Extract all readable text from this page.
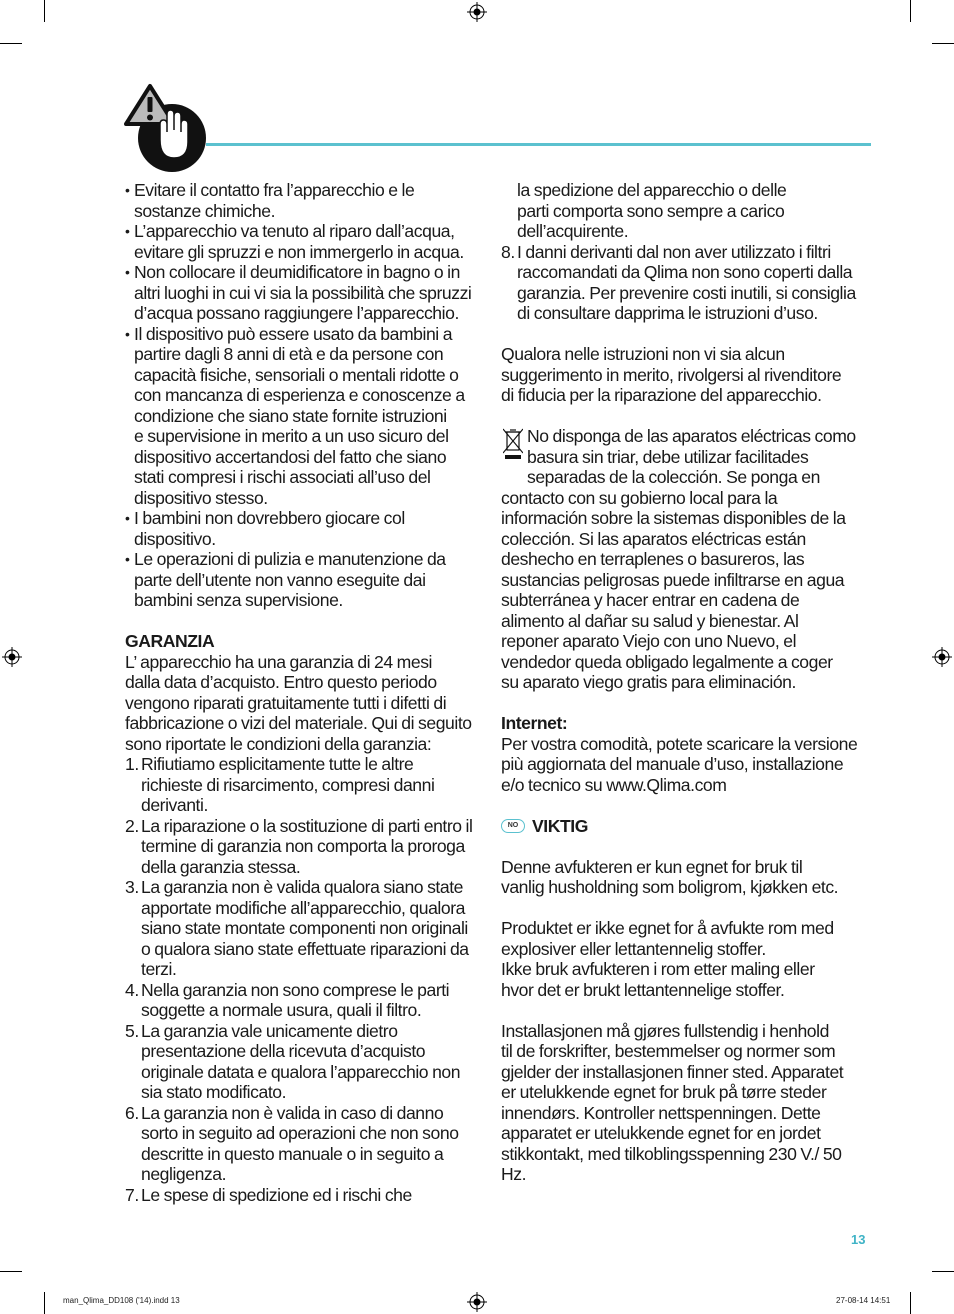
• Evitare il contatto fra l’apparecchio e le

sostanze chimiche.

• L’apparecchio va tenuto al riparo dall’acqua,

evitare gli spruzzi e non immergerlo in acqua.

• Non collocare il deumidificatore in bagno o in

altri luoghi in cui vi sia la possibilità che spruzzi

d’acqua possano raggiungere l’apparecchio.

• Il dispositivo può essere usato da bambini a

partire dagli 8 anni di età e da persone con

capacità fisiche, sensoriali o mentali ridotte o

con mancanza di esperienza e conoscenze a

condizione che siano state fornite istruzioni

e supervisione in merito a un uso sicuro del

dispositivo accertandosi del fatto che siano

stati compresi i rischi associati all’uso del

dispositivo stesso.

• I bambini non dovrebbero giocare col

dispositivo.

• Le operazioni di pulizia e manutenzione da

parte dell’utente non vanno eseguite dai

bambini senza supervisione.

GARANZIA

L’ apparecchio ha una garanzia di 24 mesi

dalla data d’acquisto. Entro questo periodo

vengono riparati gratuitamente tutti i difetti di

fabbricazione o vizi del materiale. Qui di seguito

sono riportate le condizioni della garanzia:

1. Rifiutiamo esplicitamente tutte le altre

richieste di risarcimento, compresi danni

derivanti.

2. La riparazione o la sostituzione di parti entro il

termine di garanzia non comporta la proroga

della garanzia stessa.

3. La garanzia non è valida qualora siano state

apportate modifiche all’apparecchio, qualora

siano state montate componenti non originali

o qualora siano state effettuate riparazioni da

terzi.

4. Nella garanzia non sono comprese le parti

soggette a normale usura, quali il filtro.

5. La garanzia vale unicamente dietro

presentazione della ricevuta d’acquisto

originale datata e qualora l’apparecchio non

sia stato modificato.

6. La garanzia non è valida in caso di danno

sorto in seguito ad operazioni che non sono

descritte in questo manuale o in seguito a

negligenza.

7. Le spese di spedizione ed i rischi che

la spedizione del apparecchio o delle

parti comporta sono sempre a carico

dell’acquirente.

8. I danni derivanti dal non aver utilizzato i filtri

raccomandati da Qlima non sono coperti dalla

garanzia. Per prevenire costi inutili, si consiglia

di consultare dapprima le istruzioni d’uso.

Qualora nelle istruzioni non vi sia alcun

suggerimento in merito, rivolgersi al rivenditore

di fiducia per la riparazione del apparecchio.

No disponga de las aparatos eléctricas como

basura sin triar, debe utilizar facilitades

separadas de la colección. Se ponga en

contacto con su gobierno local para la

información sobre la sistemas disponibles de la

colección. Si las aparatos eléctricas están

deshecho en terraplenes o basureros, las

sustancias peligrosas puede infiltrarse en agua

subterránea y hacer entrar en cadena de

alimento al dañar su salud y bienestar. Al

reponer aparato Viejo con uno Nuevo, el

vendedor queda obligado legalmente a coger

su aparato viego gratis para eliminación.

Internet:

Per vostra comodità, potete scaricare la versione

più aggiornata del manuale d’uso, installazione

e/o tecnico su www.Qlima.com

NO VIKTIG

Denne avfukteren er kun egnet for bruk til

vanlig husholdning som boligrom, kjøkken etc.

Produktet er ikke egnet for å avfukte rom med

explosiver eller lettantennelig stoffer.

Ikke bruk avfukteren i rom etter maling eller

hvor det er brukt lettantennelige stoffer.

Installasjonen må gjøres fullstendig i henhold

til de forskrifter, bestemmelser og normer som

gjelder der installasjonen finner sted. Apparatet

er utelukkende egnet for bruk på tørre steder

innendørs. Kontroller nettspenningen. Dette

apparatet er utelukkende egnet for en jordet

stikkontakt, med tilkoblingsspenning 230 V./ 50

Hz.

13
man_Qlima_DD108 ('14).indd 13	27-08-14 14:51
